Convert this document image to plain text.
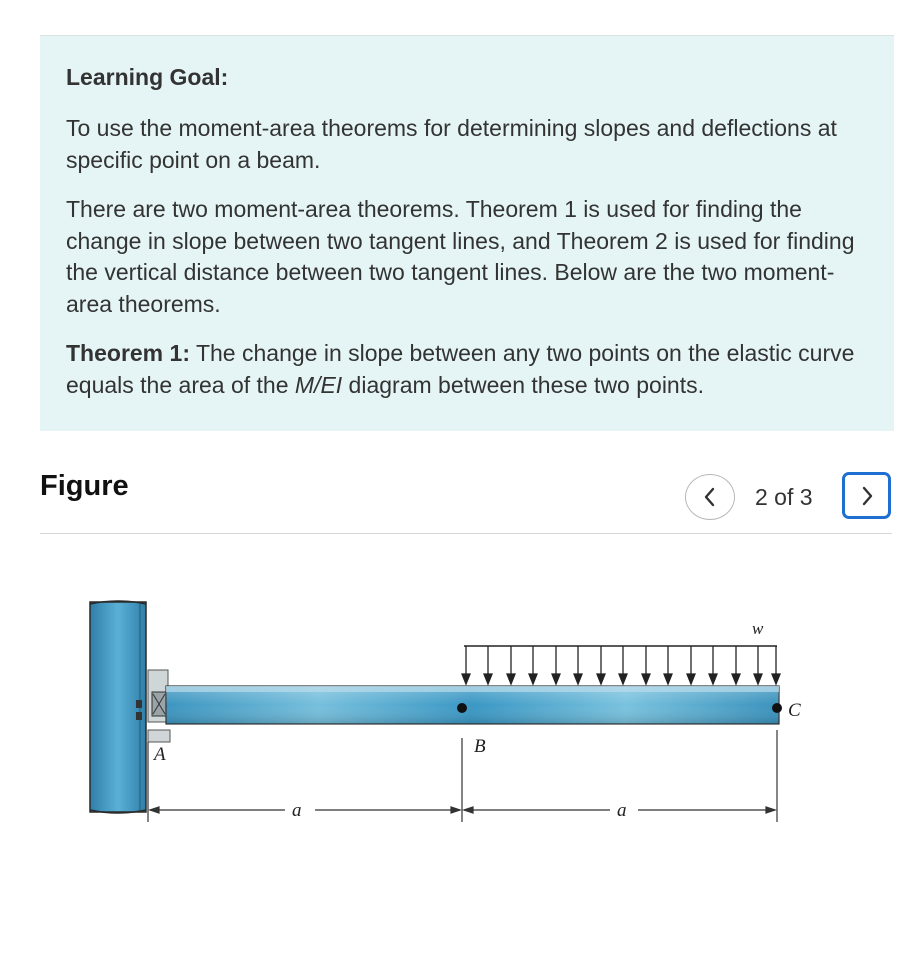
Learning Goal:

To use the moment-area theorems for determining slopes and deflections at specific point on a beam.

There are two moment-area theorems. Theorem 1 is used for finding the change in slope between two tangent lines, and Theorem 2 is used for finding the vertical distance between two tangent lines. Below are the two moment-area theorems.

Theorem 1: The change in slope between any two points on the elastic curve equals the area of the M/EI diagram between these two points.

Figure	2 of 3
A	B
C
w
a	a
